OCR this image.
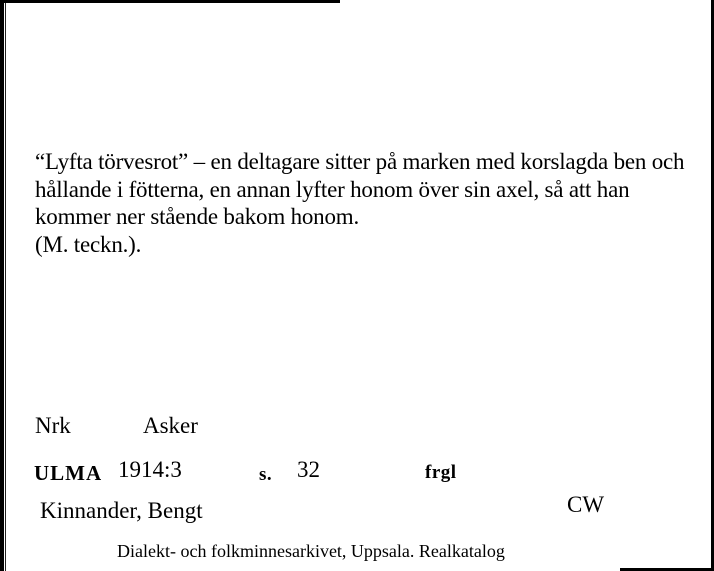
“Lyfta törvesrot” – en deltagare sitter på marken med korslagda ben och hållande i fötterna, en annan lyfter honom över sin axel, så att han kommer ner stående bakom honom.
(M. teckn.).
Nrk	Asker
ULMA 1914:3	s. 32	frgl
Kinnander, Bengt	CW
Dialekt- och folkminnesarkivet, Uppsala. Realkatalog
